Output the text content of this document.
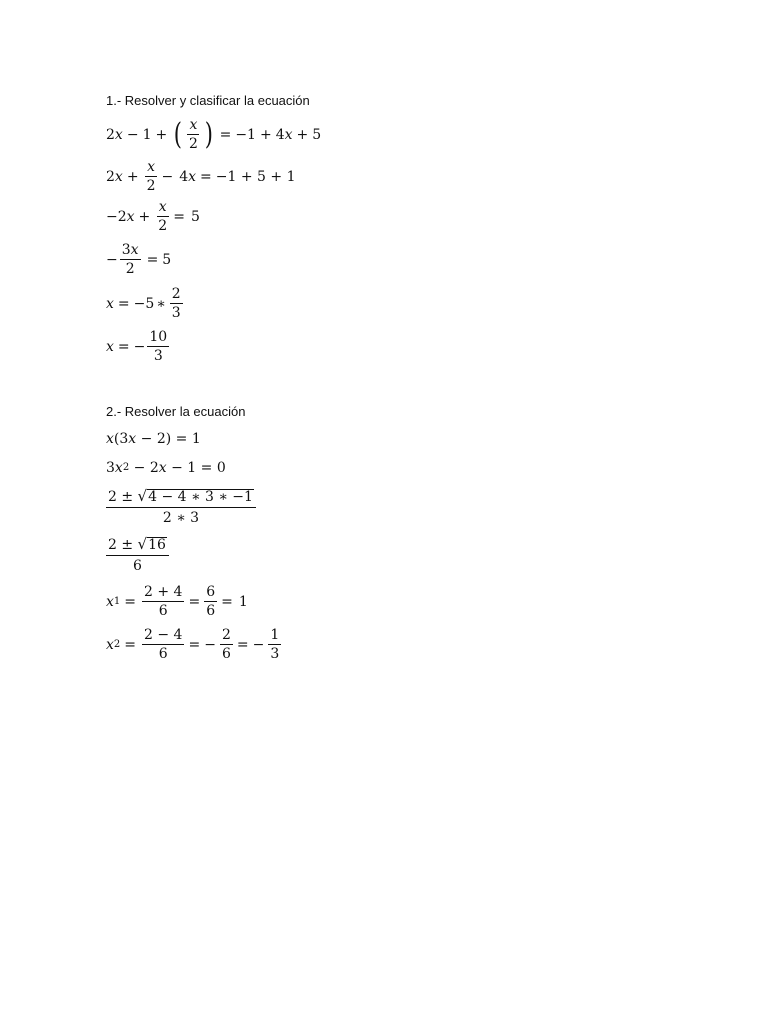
1.- Resolver y clasificar la ecuación
2 x − 1 + ( $\frac{x}{2}$ ) = −1 + 4 x + 5
2 $x + \frac{x}{2} - 4$ x = −1 + 5 + 1
−2 $x + \frac{x}{2} = 5$
− $\frac{3x}{2} = 5$
x = −5 ∗ $\frac{2}{3}$
x = − $\frac{10}{3}$
2.- Resolver la ecuación
x (3 x − 2) = 1
3 x 2 − 2 x − 1 = 0
$\frac{2 \pm √ 4 - 4 ∗ 3 ∗ -1}{2 ∗ 3}$
$\frac{2 \pm √ 16}{6}$
x $1 = \frac{2 + 4}{6} = \frac{6}{6} = 1$
x $2 = \frac{2 - 4}{6}$ = − $\frac{2}{6}$ = − $\frac{1}{3}$
